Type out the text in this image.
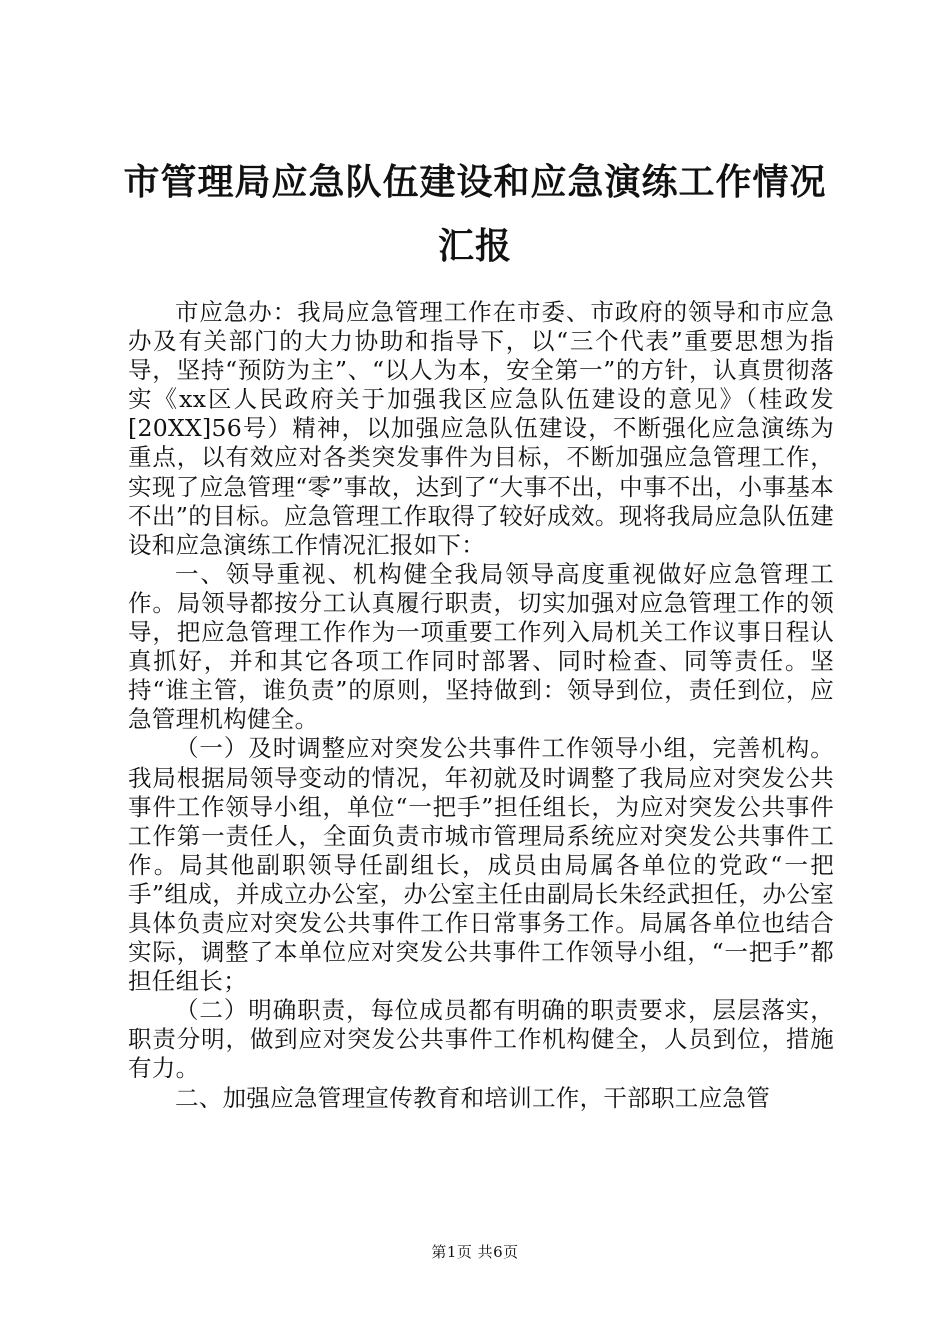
市管理局应急队伍建设和应急演练工作情况汇报

市应急办：我局应急管理工作在市委、市政府的领导和市应急办及有关部门的大力协助和指导下，以“三个代表”重要思想为指导，坚持“预防为主”、“以人为本，安全第一”的方针，认真贯彻落实《xx区人民政府关于加强我区应急队伍建设的意见》（桂政发[20XX]56号）精神，以加强应急队伍建设，不断强化应急演练为重点，以有效应对各类突发事件为目标，不断加强应急管理工作，实现了应急管理“零”事故，达到了“大事不出，中事不出，小事基本不出”的目标。应急管理工作取得了较好成效。现将我局应急队伍建设和应急演练工作情况汇报如下：

一、领导重视、机构健全我局领导高度重视做好应急管理工作。局领导都按分工认真履行职责，切实加强对应急管理工作的领导，把应急管理工作作为一项重要工作列入局机关工作议事日程认真抓好，并和其它各项工作同时部署、同时检查、同等责任。坚持“谁主管，谁负责”的原则，坚持做到：领导到位，责任到位，应急管理机构健全。

（一）及时调整应对突发公共事件工作领导小组，完善机构。我局根据局领导变动的情况，年初就及时调整了我局应对突发公共事件工作领导小组，单位“一把手”担任组长，为应对突发公共事件工作第一责任人，全面负责市城市管理局系统应对突发公共事件工作。局其他副职领导任副组长，成员由局属各单位的党政“一把手”组成，并成立办公室，办公室主任由副局长朱经武担任，办公室具体负责应对突发公共事件工作日常事务工作。局属各单位也结合实际，调整了本单位应对突发公共事件工作领导小组，“一把手”都担任组长；

（二）明确职责，每位成员都有明确的职责要求，层层落实，职责分明，做到应对突发公共事件工作机构健全，人员到位，措施有力。

二、加强应急管理宣传教育和培训工作，干部职工应急管

第1页 共6页
